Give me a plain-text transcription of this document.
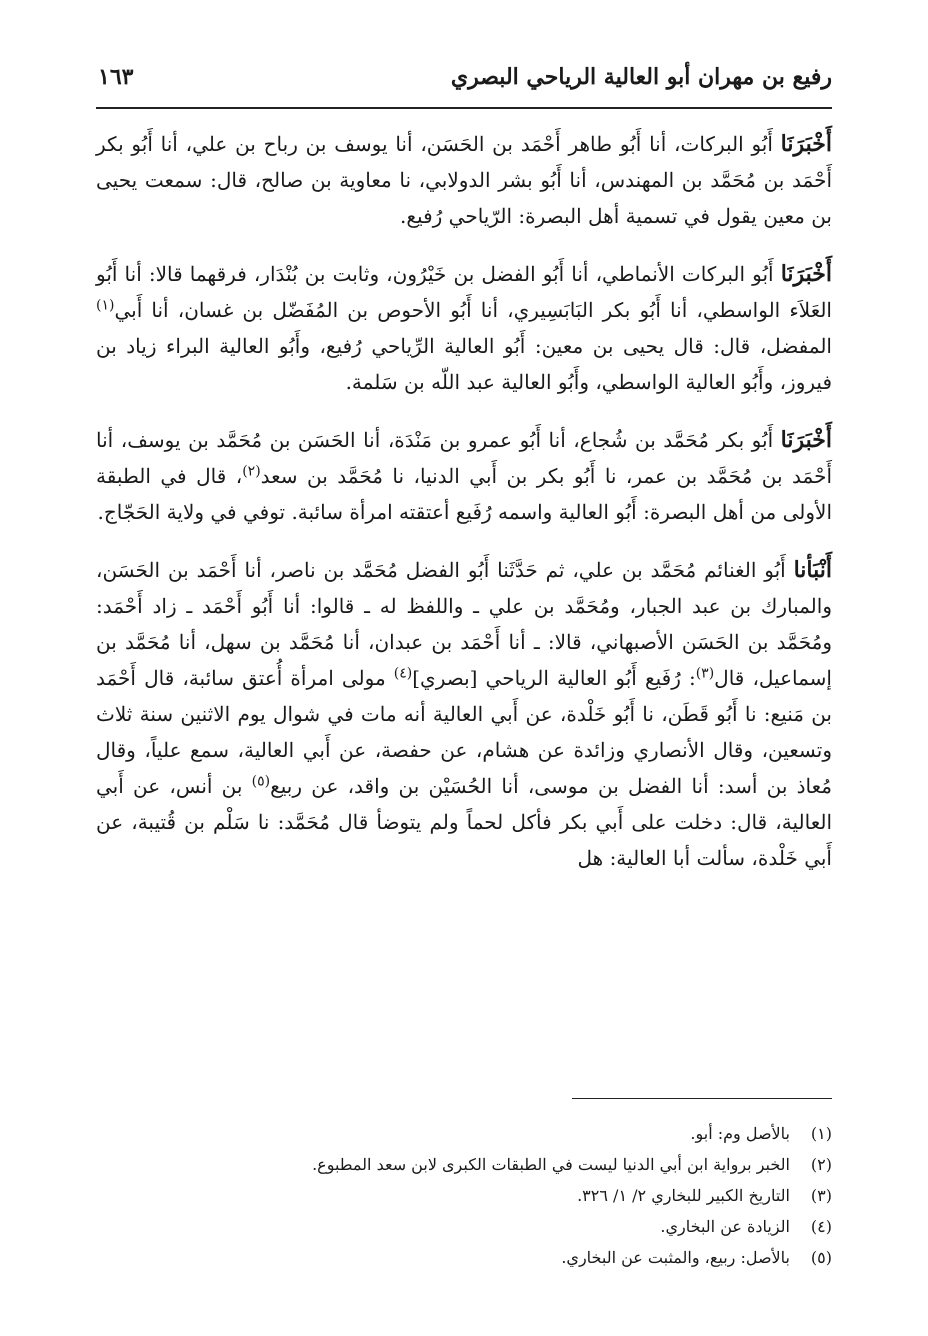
رفيع بن مهران أبو العالية الرياحي البصري
١٦٣

أَخْبَرَنَا أَبُو البركات، أنا أَبُو طاهر أَحْمَد بن الحَسَن، أنا يوسف بن رباح بن علي، أنا أَبُو بكر أَحْمَد بن مُحَمَّد بن المهندس، أنا أَبُو بشر الدولابي، نا معاوية بن صالح، قال: سمعت يحيى بن معين يقول في تسمية أهل البصرة: الرّياحي رُفيع.

أَخْبَرَنَا أَبُو البركات الأنماطي، أنا أَبُو الفضل بن خَيْرُون، وثابت بن بُنْدَار، فرقهما قالا: أنا أَبُو العَلاَء الواسطي، أنا أَبُو بكر البَابَسِيري، أنا أَبُو الأحوص بن المُفَضّل بن غسان، أنا أَبي$^{(١)}$ المفضل، قال: قال يحيى بن معين: أَبُو العالية الرِّياحي رُفيع، وأَبُو العالية البراء زياد بن فيروز، وأَبُو العالية الواسطي، وأَبُو العالية عبد اللّه بن سَلمة.

أَخْبَرَنَا أَبُو بكر مُحَمَّد بن شُجاع، أنا أَبُو عمرو بن مَنْدَة، أنا الحَسَن بن مُحَمَّد بن يوسف، أنا أَحْمَد بن مُحَمَّد بن عمر، نا أَبُو بكر بن أَبي الدنيا، نا مُحَمَّد بن سعد$^{(٢)}$، قال في الطبقة الأولى من أهل البصرة: أَبُو العالية واسمه رُفَيع أعتقته امرأة سائبة. توفي في ولاية الحَجّاج.

أَنْبَأنا أَبُو الغنائم مُحَمَّد بن علي، ثم حَدَّثَنا أَبُو الفضل مُحَمَّد بن ناصر، أنا أَحْمَد بن الحَسَن، والمبارك بن عبد الجبار، ومُحَمَّد بن علي ـ واللفظ له ـ قالوا: أنا أَبُو أَحْمَد ـ زاد أَحْمَد: ومُحَمَّد بن الحَسَن الأصبهاني، قالا: ـ أنا أَحْمَد بن عبدان، أنا مُحَمَّد بن سهل، أنا مُحَمَّد بن إسماعيل، قال$^{(٣)}$: رُفَيع أَبُو العالية الرياحي [بصري]$^{(٤)}$ مولى امرأة أُعتق سائبة، قال أَحْمَد بن مَنيع: نا أَبُو قَطَن، نا أَبُو خَلْدة، عن أَبي العالية أنه مات في شوال يوم الاثنين سنة ثلاث وتسعين، وقال الأنصاري وزائدة عن هشام، عن حفصة، عن أَبي العالية، سمع علياً، وقال مُعاذ بن أسد: أنا الفضل بن موسى، أنا الحُسَيْن بن واقد، عن ربيع$^{(٥)}$ بن أنس، عن أَبي العالية، قال: دخلت على أَبي بكر فأكل لحماً ولم يتوضأ قال مُحَمَّد: نا سَلْم بن قُتيبة، عن أَبي خَلْدة، سألت أبا العالية: هل

(١)
بالأصل وم: أبو.
(٢)
الخبر برواية ابن أبي الدنيا ليست في الطبقات الكبرى لابن سعد المطبوع.
(٣)
التاريخ الكبير للبخاري ٢/ ١/ ٣٢٦.
(٤)
الزيادة عن البخاري.
(٥)
بالأصل: ربيع، والمثبت عن البخاري.
